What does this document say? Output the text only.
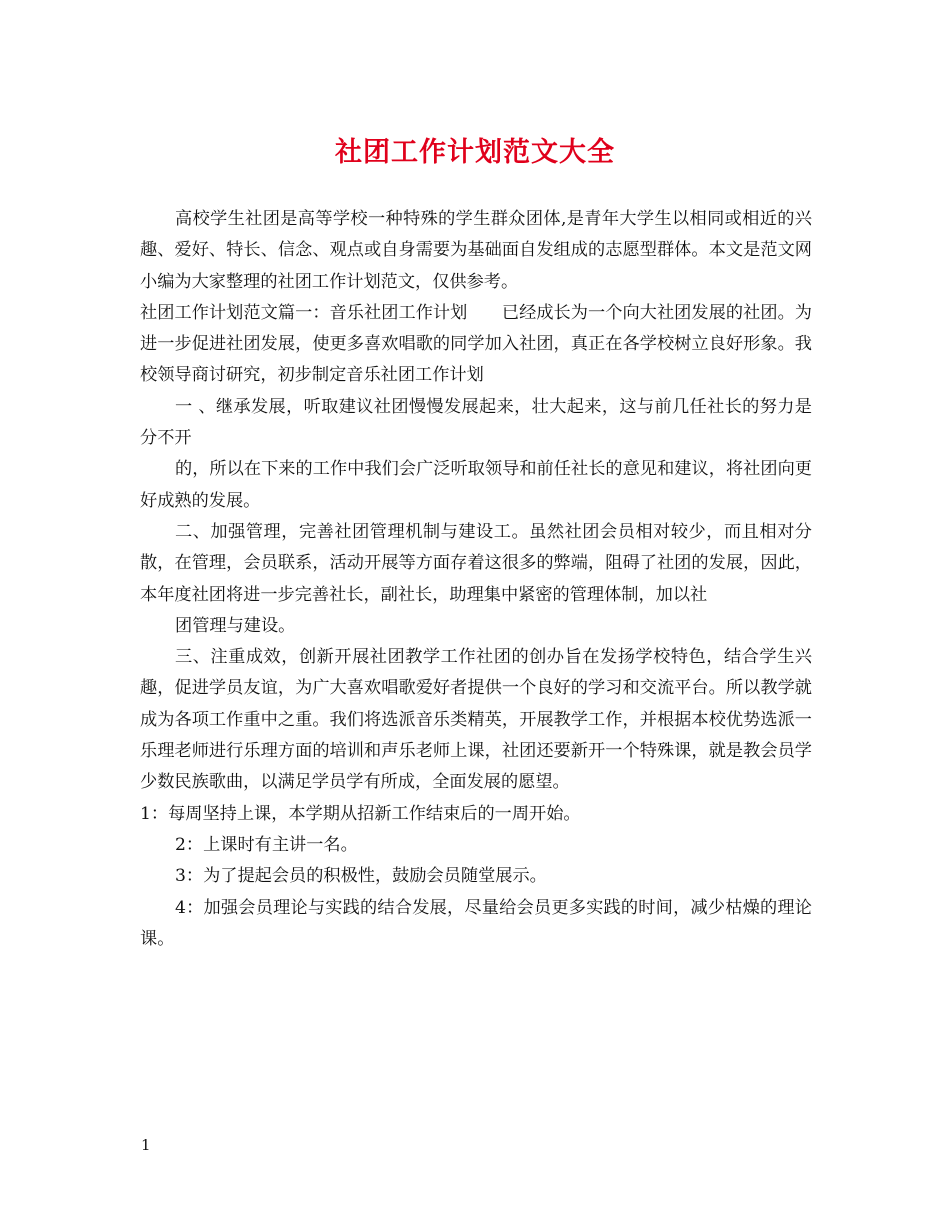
社团工作计划范文大全

高校学生社团是高等学校一种特殊的学生群众团体,是青年大学生以相同或相近的兴趣、爱好、特长、信念、观点或自身需要为基础面自发组成的志愿型群体。本文是范文网小编为大家整理的社团工作计划范文，仅供参考。

社团工作计划范文篇一：音乐社团工作计划　　已经成长为一个向大社团发展的社团。为进一步促进社团发展，使更多喜欢唱歌的同学加入社团，真正在各学校树立良好形象。我校领导商讨研究，初步制定音乐社团工作计划

一 、继承发展，听取建议社团慢慢发展起来，壮大起来，这与前几任社长的努力是分不开

的，所以在下来的工作中我们会广泛听取领导和前任社长的意见和建议，将社团向更好成熟的发展。

二、加强管理，完善社团管理机制与建设工。虽然社团会员相对较少，而且相对分散，在管理，会员联系，活动开展等方面存着这很多的弊端，阻碍了社团的发展，因此，本年度社团将进一步完善社长，副社长，助理集中紧密的管理体制，加以社

团管理与建设。

三、注重成效，创新开展社团教学工作社团的创办旨在发扬学校特色，结合学生兴趣，促进学员友谊，为广大喜欢唱歌爱好者提供一个良好的学习和交流平台。所以教学就成为各项工作重中之重。我们将选派音乐类精英，开展教学工作，并根据本校优势选派一乐理老师进行乐理方面的培训和声乐老师上课，社团还要新开一个特殊课，就是教会员学少数民族歌曲，以满足学员学有所成，全面发展的愿望。

1：每周坚持上课，本学期从招新工作结束后的一周开始。

2：上课时有主讲一名。

3：为了提起会员的积极性，鼓励会员随堂展示。

4：加强会员理论与实践的结合发展，尽量给会员更多实践的时间，减少枯燥的理论课。

1
